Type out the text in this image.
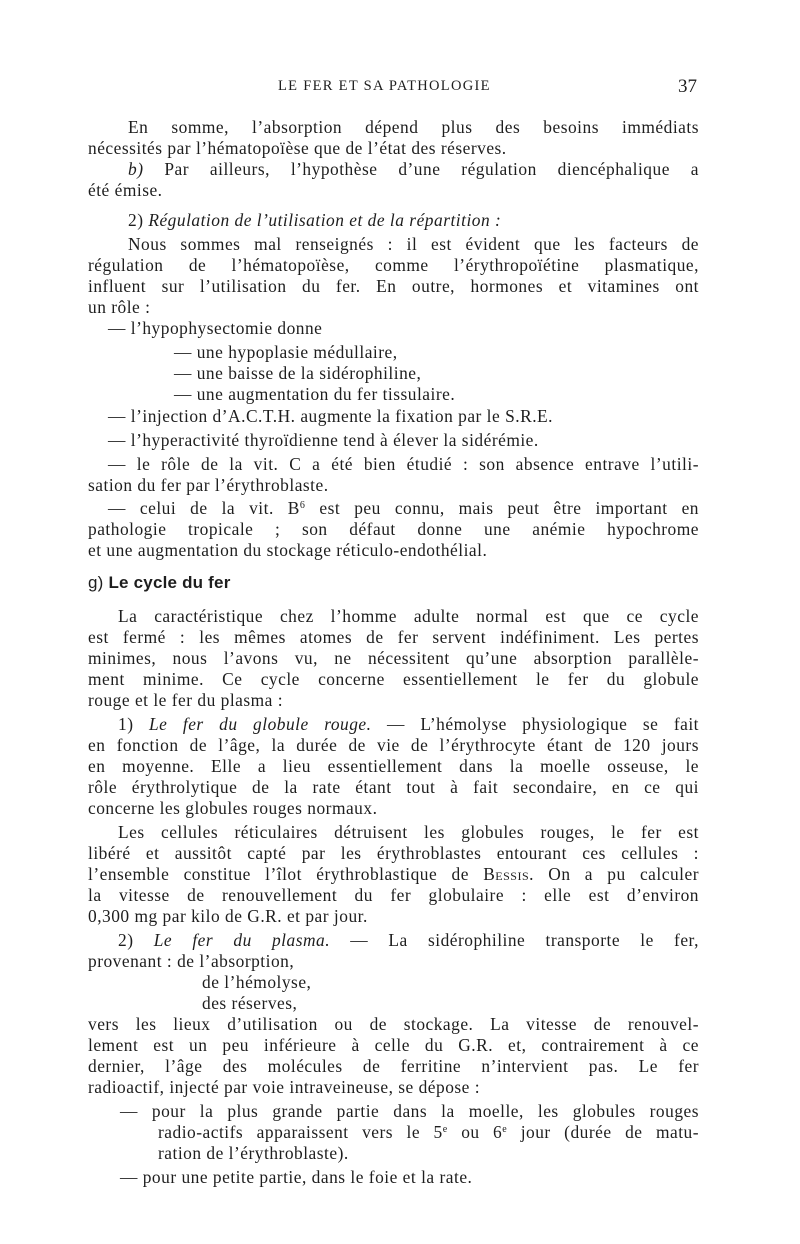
LE FER ET SA PATHOLOGIE	37
En somme, l’absorption dépend plus des besoins immédiats
nécessités par l’hématopoïèse que de l’état des réserves.
b) Par ailleurs, l’hypothèse d’une régulation diencéphalique a
été émise.
2) Régulation de l’utilisation et de la répartition :
Nous sommes mal renseignés : il est évident que les facteurs de
régulation de l’hématopoïèse, comme l’érythropoïétine plasmatique,
influent sur l’utilisation du fer. En outre, hormones et vitamines ont
un rôle :
— l’hypophysectomie donne
— une hypoplasie médullaire,
— une baisse de la sidérophiline,
— une augmentation du fer tissulaire.
— l’injection d’A.C.T.H. augmente la fixation par le S.R.E.
— l’hyperactivité thyroïdienne tend à élever la sidérémie.
— le rôle de la vit. C a été bien étudié : son absence entrave l’utili-
sation du fer par l’érythroblaste.
— celui de la vit. $B^6$ est peu connu, mais peut être important en
pathologie tropicale ; son défaut donne une anémie hypochrome
et une augmentation du stockage réticulo-endothélial.
g) Le cycle du fer
La caractéristique chez l’homme adulte normal est que ce cycle
est fermé : les mêmes atomes de fer servent indéfiniment. Les pertes
minimes, nous l’avons vu, ne nécessitent qu’une absorption parallèle-
ment minime. Ce cycle concerne essentiellement le fer du globule
rouge et le fer du plasma :
1) Le fer du globule rouge. — L’hémolyse physiologique se fait
en fonction de l’âge, la durée de vie de l’érythrocyte étant de 120 jours
en moyenne. Elle a lieu essentiellement dans la moelle osseuse, le
rôle érythrolytique de la rate étant tout à fait secondaire, en ce qui
concerne les globules rouges normaux.
Les cellules réticulaires détruisent les globules rouges, le fer est
libéré et aussitôt capté par les érythroblastes entourant ces cellules :
l’ensemble constitue l’îlot érythroblastique de Bessis. On a pu calculer
la vitesse de renouvellement du fer globulaire : elle est d’environ
0,300 mg par kilo de G.R. et par jour.
2) Le fer du plasma. — La sidérophiline transporte le fer,
provenant : de l’absorption,
de l’hémolyse,
des réserves,
vers les lieux d’utilisation ou de stockage. La vitesse de renouvel-
lement est un peu inférieure à celle du G.R. et, contrairement à ce
dernier, l’âge des molécules de ferritine n’intervient pas. Le fer
radioactif, injecté par voie intraveineuse, se dépose :
— pour la plus grande partie dans la moelle, les globules rouges
radio-actifs apparaissent vers le 5e ou 6e jour (durée de matu-
ration de l’érythroblaste).
— pour une petite partie, dans le foie et la rate.
